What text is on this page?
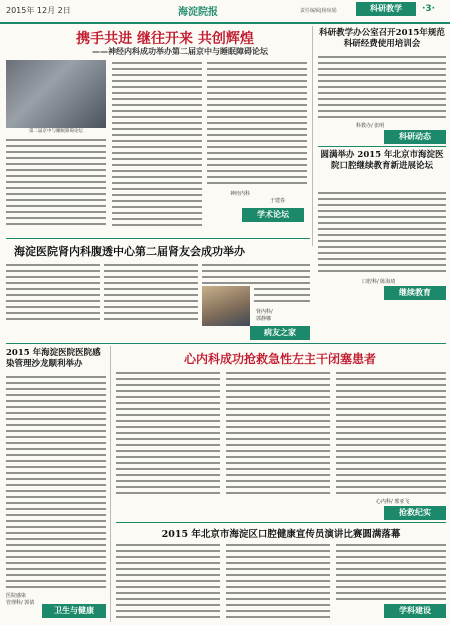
2015年 12月 2日	海淀院报	责任编辑|杨琼娟	科研教学	·3·
携手共进 继往开来 共创辉煌
——神经内科成功举办第二届京中与睡眠障碍论坛
第二届京中与睡眠障碍论坛
神经内科
于建春
学术论坛
科研教学办公室召开2015年规范科研经费使用培训会
科教办/ 张明
科研动态
圆满举办 2015 年北京市海淀医院口腔继续教育新进展论坛
口腔科/ 陈海琦
继续教育
海淀医院肾内科腹透中心第二届肾友会成功举办
肾内科/
郭静娜
病友之家
2015 年海淀医院医院感染管理沙龙顺利举办
医院感染
管理科/ 郭倩
卫生与健康
心内科成功抢救急性左主干闭塞患者
心内科/ 邢亚飞
抢救纪实
2015 年北京市海淀区口腔健康宣传员演讲比赛圆满落幕
学科建设
